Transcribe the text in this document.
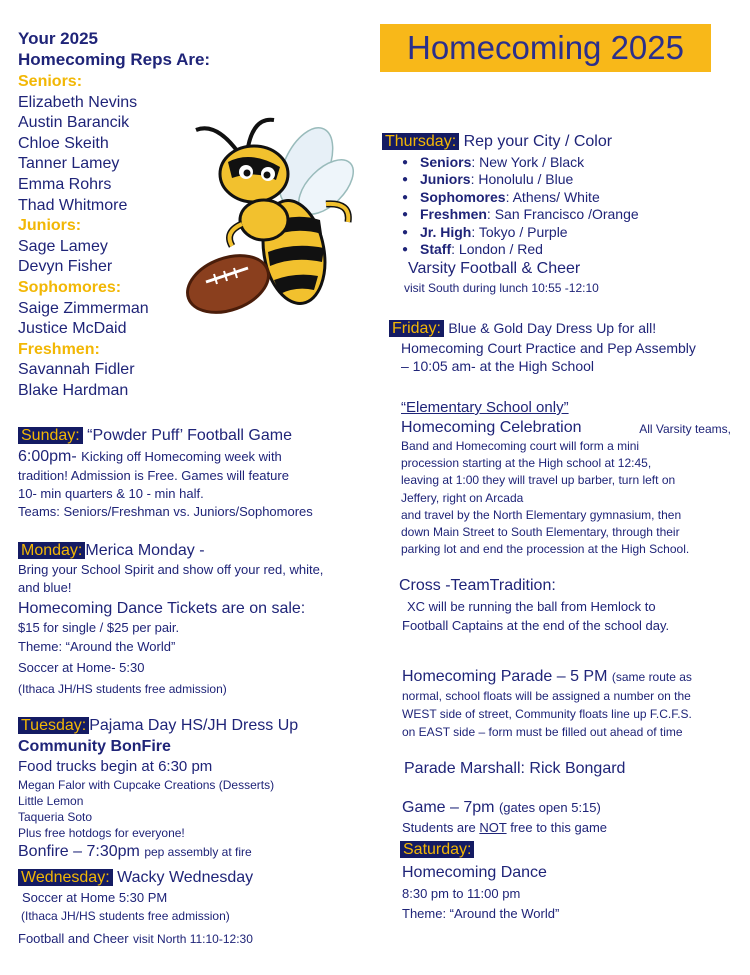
Your 2025
Homecoming Reps Are:
Seniors:
Elizabeth Nevins
Austin Barancik
Chloe Skeith
Tanner Lamey
Emma Rohrs
Thad Whitmore
Juniors:
Sage Lamey
Devyn Fisher
Sophomores:
Saige Zimmerman
Justice McDaid
Freshmen:
Savannah Fidler
Blake Hardman
Sunday: “Powder Puff’ Football Game
6:00pm- Kicking off Homecoming week with
tradition! Admission is Free. Games will feature
10- min quarters & 10 - min half.
Teams: Seniors/Freshman vs. Juniors/Sophomores
Monday: Merica Monday -
Bring your School Spirit and show off your red, white,
and blue!
Homecoming Dance Tickets are on sale:
$15 for single / $25 per pair.
Theme: “Around the World”
Soccer at Home- 5:30
(Ithaca JH/HS students free admission)
Tuesday: Pajama Day HS/JH Dress Up
Community BonFire
Food trucks begin at 6:30 pm
Megan Falor with Cupcake Creations (Desserts)
Little Lemon
Taqueria Soto
Plus free hotdogs for everyone!
Bonfire – 7:30pm pep assembly at fire
Wednesday: Wacky Wednesday
Soccer at Home 5:30 PM
(Ithaca JH/HS students free admission)
Football and Cheer visit North 11:10-12:30
Homecoming 2025
Thursday: Rep your City / Color
● Seniors: New York / Black
● Juniors: Honolulu / Blue
● Sophomores: Athens/ White
● Freshmen: San Francisco /Orange
● Jr. High: Tokyo / Purple
● Staff: London / Red
Varsity Football & Cheer
visit South during lunch 10:55 -12:10
Friday: Blue & Gold Day Dress Up for all!
Homecoming Court Practice and Pep Assembly
– 10:05 am- at the High School
“Elementary School only”
Homecoming Celebration	All Varsity teams,
Band and Homecoming court will form a mini
procession starting at the High school at 12:45,
leaving at 1:00 they will travel up barber, turn left on
Jeffery, right on Arcada
and travel by the North Elementary gymnasium, then
down Main Street to South Elementary, through their
parking lot and end the procession at the High School.
Cross -TeamTradition:
XC will be running the ball from Hemlock to
Football Captains at the end of the school day.
Homecoming Parade – 5 PM (same route as
normal, school floats will be assigned a number on the
WEST side of street, Community floats line up F.C.F.S.
on EAST side – form must be filled out ahead of time
Parade Marshall: Rick Bongard
Game – 7pm (gates open 5:15)
Students are NOT free to this game
Saturday:
Homecoming Dance
8:30 pm to 11:00 pm
Theme: “Around the World”
